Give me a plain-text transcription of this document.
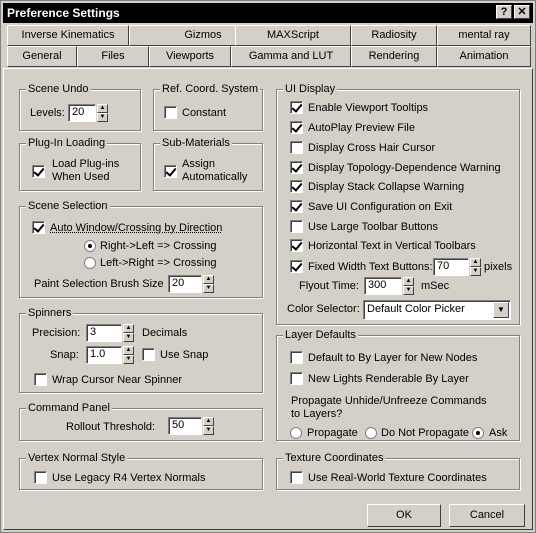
Preference Settings	? ✕
Inverse Kinematics	Gizmos	MAXScript	Radiosity	mental ray
General	Files	Viewports	Gamma and LUT	Rendering	Animation
Scene Undo
Levels: 20	▲
▼
Ref. Coord. System
Constant
Plug-In Loading
Load Plug-ins
When Used
Sub-Materials
Assign
Automatically
Scene Selection
Auto Window/Crossing by Direction
Right->Left => Crossing
Left->Right => Crossing
Paint Selection Brush Size 20	▲
▼
Spinners
Precision: 3	▲
▼ Decimals
Snap:	1.0	▲
▼	Use Snap
Wrap Cursor Near Spinner
Command Panel
Rollout Threshold:	50	▲
▼
Vertex Normal Style
Use Legacy R4 Vertex Normals
UI Display
Enable Viewport Tooltips
AutoPlay Preview File
Display Cross Hair Cursor
Display Topology-Dependence Warning
Display Stack Collapse Warning
Save UI Configuration on Exit
Use Large Toolbar Buttons
Horizontal Text in Vertical Toolbars
Fixed Width Text Buttons: 70	▲
▼ pixels
Flyout Time: 300	▲
▼ mSec
Color Selector: Default Color Picker	▼
Layer Defaults
Default to By Layer for New Nodes
New Lights Renderable By Layer
Propagate Unhide/Unfreeze Commands
to Layers?
Propagate Do Not Propagate Ask
Texture Coordinates
Use Real-World Texture Coordinates
OK	Cancel
